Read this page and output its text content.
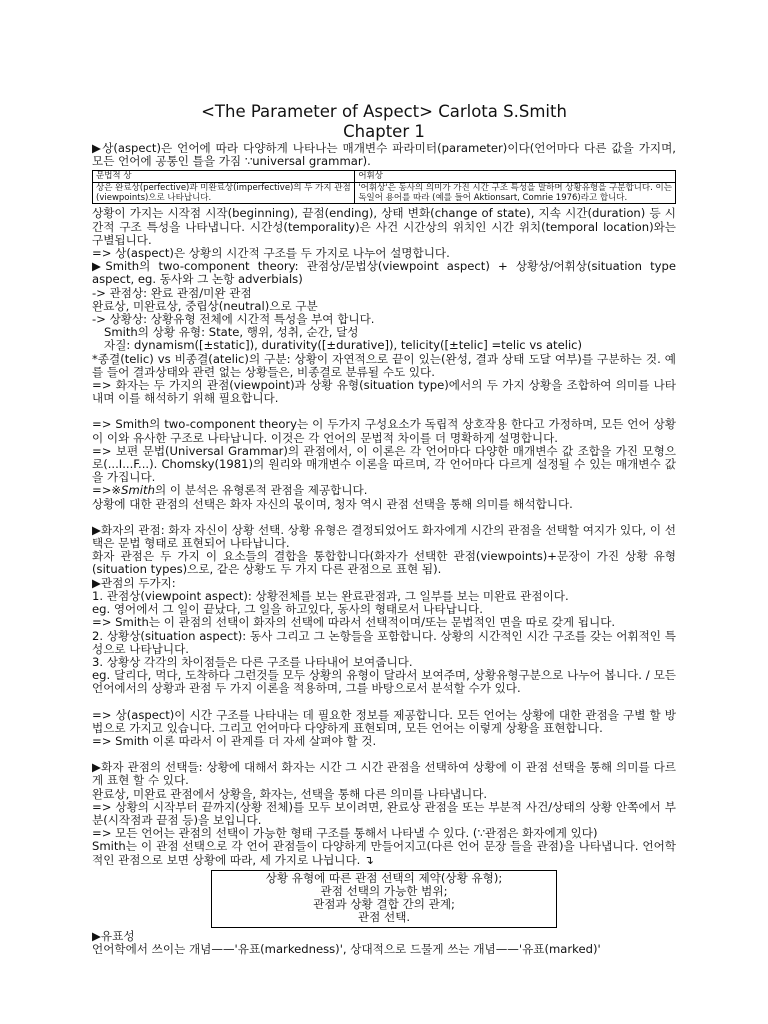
<The Parameter of Aspect> Carlota S.Smith

Chapter 1

▶상(aspect)은 언어에 따라 다양하게 나타나는 매개변수 파라미터(parameter)이다(언어마다 다른 값을 가지며, 모든 언어에 공통인 틀을 가짐 ∵universal grammar).

문법적 상	어휘상
상은 완료상(perfective)과 미완료상(imperfective)의 두 가지 관점 (viewpoints)으로 나타납니다.	'어휘상'은 동사의 의미가 가진 시간 구조 특성을 말하며 상황유형을 구분합니다. 이는 독일어 용어를 따라 (예를 들어 Aktionsart, Comrie 1976)라고 합니다.

상황이 가지는 시작점 시작(beginning), 끝점(ending), 상태 변화(change of state), 지속 시간(duration) 등 시간적 구조 특성을 나타냅니다. 시간성(temporality)은 사건 시간상의 위치인 시간 위치(temporal location)와는 구별됩니다.

=> 상(aspect)은 상황의 시간적 구조를 두 가지로 나누어 설명합니다.

▶Smith의 two-component theory: 관점상/문법상(viewpoint aspect) + 상황상/어휘상(situation type aspect, eg. 동사와 그 논항 adverbials)

-> 관점상: 완료 관점/미완 관점

완료상, 미완료상, 중립상(neutral)으로 구분

-> 상황상: 상황유형 전체에 시간적 특성을 부여 합니다.

Smith의 상황 유형: State, 행위, 성취, 순간, 달성

자질: dynamism([±static]), durativity([±durative]), telicity([±telic] =telic vs atelic)

*종결(telic) vs 비종결(atelic)의 구분: 상황이 자연적으로 끝이 있는(완성, 결과 상태 도달 여부)를 구분하는 것. 예를 들어 결과상태와 관련 없는 상황들은, 비종결로 분류될 수도 있다.

=> 화자는 두 가지의 관점(viewpoint)과 상황 유형(situation type)에서의 두 가지 상황을 조합하여 의미를 나타내며 이를 해석하기 위해 필요합니다.

=> Smith의 two-component theory는 이 두가지 구성요소가 독립적 상호작용 한다고 가정하며, 모든 언어 상황이 이와 유사한 구조로 나타납니다. 이것은 각 언어의 문법적 차이를 더 명확하게 설명합니다.

=> 보편 문법(Universal Grammar)의 관점에서, 이 이론은 각 언어마다 다양한 매개변수 값 조합을 가진 모형으로(...I...F...). Chomsky(1981)의 원리와 매개변수 이론을 따르며, 각 언어마다 다르게 설정될 수 있는 매개변수 값을 가집니다.

=>※Smith의 이 분석은 유형론적 관점을 제공합니다.

상황에 대한 관점의 선택은 화자 자신의 몫이며, 청자 역시 관점 선택을 통해 의미를 해석합니다.

▶화자의 관점: 화자 자신이 상황 선택. 상황 유형은 결정되었어도 화자에게 시간의 관점을 선택할 여지가 있다, 이 선택은 문법 형태로 표현되어 나타납니다.

화자 관점은 두 가지 이 요소들의 결합을 통합합니다(화자가 선택한 관점(viewpoints)+문장이 가진 상황 유형(situation types)으로, 같은 상황도 두 가지 다른 관점으로 표현 됨).

▶관점의 두가지:

1. 관점상(viewpoint aspect): 상황전체를 보는 완료관점과, 그 일부를 보는 미완료 관점이다.

eg. 영어에서 그 일이 끝났다, 그 일을 하고있다, 동사의 형태로서 나타납니다.

=> Smith는 이 관점의 선택이 화자의 선택에 따라서 선택적이며/또는 문법적인 면을 따로 갖게 됩니다.

2. 상황상(situation aspect): 동사 그리고 그 논항들을 포함합니다. 상황의 시간적인 시간 구조를 갖는 어휘적인 특성으로 나타납니다.

3. 상황상 각각의 차이점들은 다른 구조를 나타내어 보여줍니다.

eg. 달리다, 먹다, 도착하다 그런것들 모두 상황의 유형이 달라서 보여주며, 상황유형구분으로 나누어 봅니다. / 모든 언어에서의 상황과 관점 두 가지 이론을 적용하며, 그를 바탕으로서 분석할 수가 있다.

=> 상(aspect)이 시간 구조를 나타내는 데 필요한 정보를 제공합니다. 모든 언어는 상황에 대한 관점을 구별 할 방법으로 가지고 있습니다. 그리고 언어마다 다양하게 표현되며, 모든 언어는 이렇게 상황을 표현합니다.

=> Smith 이론 따라서 이 관계를 더 자세 살펴야 할 것.

▶화자 관점의 선택들: 상황에 대해서 화자는 시간 그 시간 관점을 선택하여 상황에 이 관점 선택을 통해 의미를 다르게 표현 할 수 있다.

완료상, 미완료 관점에서 상황을, 화자는, 선택을 통해 다른 의미를 나타냅니다.

=> 상황의 시작부터 끝까지(상황 전체)를 모두 보이려면, 완료상 관점을 또는 부분적 사건/상태의 상황 안쪽에서 부분(시작점과 끝점 등)을 보입니다.

=> 모든 언어는 관점의 선택이 가능한 형태 구조를 통해서 나타낼 수 있다. (∵관점은 화자에게 있다)

Smith는 이 관점 선택으로 각 언어 관점들이 다양하게 만들어지고(다른 언어 문장 들을 관점)을 나타냅니다. 언어학적인 관점으로 보면 상황에 따라, 세 가지로 나뉩니다. ↴

상황 유형에 따른 관점 선택의 제약(상황 유형);
관점 선택의 가능한 범위;
관점과 상황 결합 간의 관계;
관점 선택.

▶유표성

언어학에서 쓰이는 개념——'유표(markedness)', 상대적으로 드물게 쓰는 개념——'유표(marked)'
